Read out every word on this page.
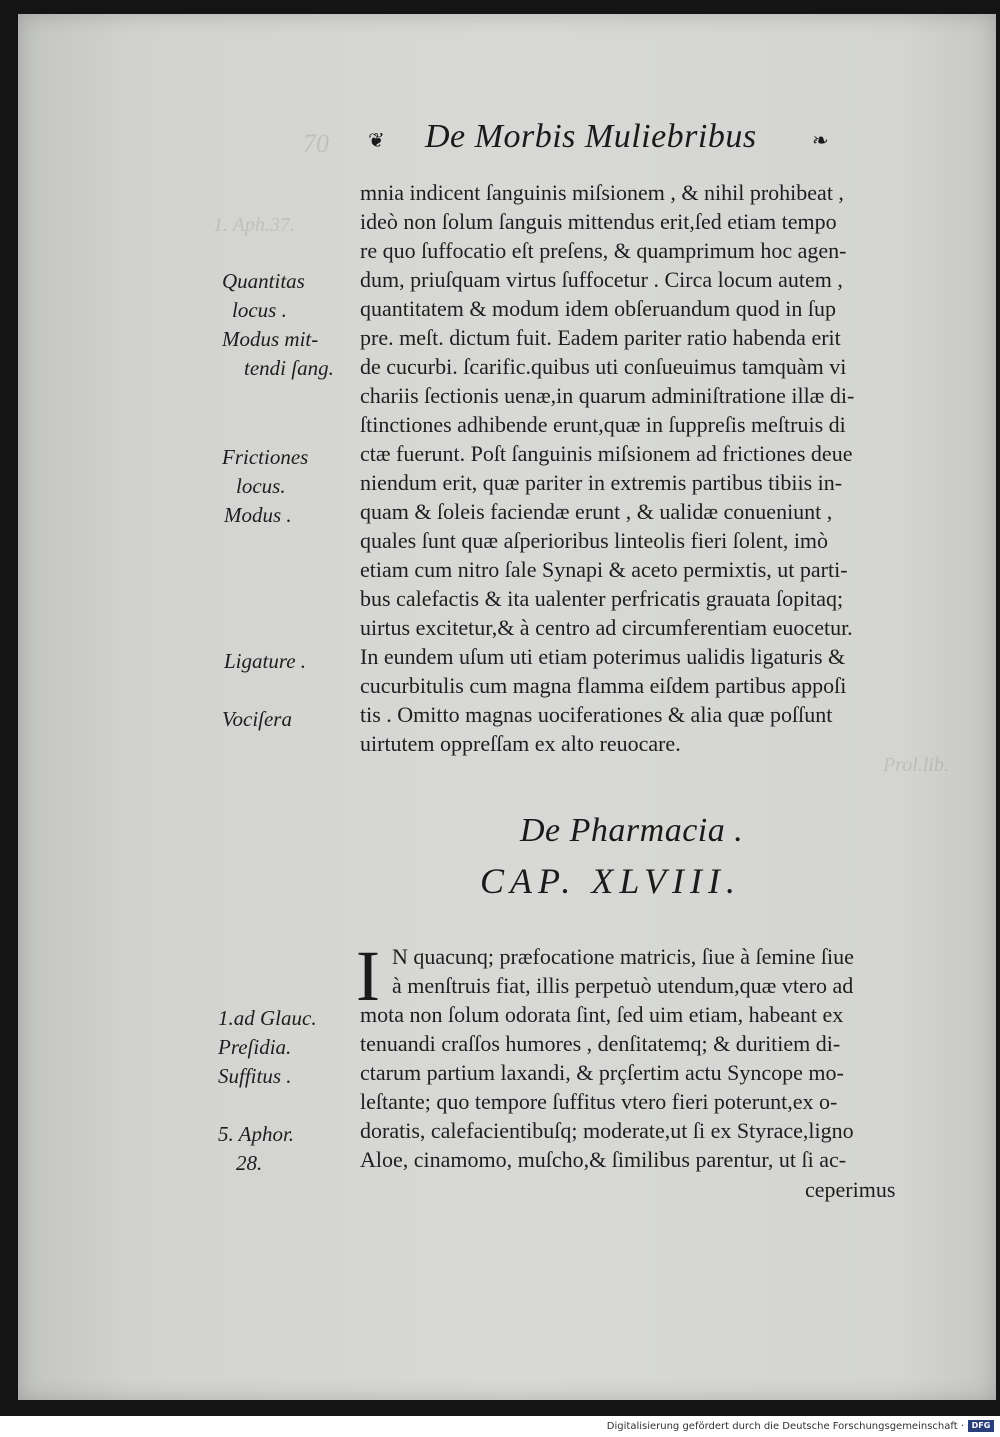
70
1. Aph.37.
Prol.lib.
❦ De Morbis Muliebribus	❧
mnia indicent ſanguinis miſsionem , & nihil prohibeat ,
ideò non ſolum ſanguis mittendus erit,ſed etiam tempo
re quo ſuffocatio eſt preſens, & quamprimum hoc agen-
dum, priuſquam virtus ſuffocetur . Circa locum autem ,
quantitatem & modum idem obſeruandum quod in ſup
pre. meſt. dictum fuit. Eadem pariter ratio habenda erit
de cucurbi. ſcarific.quibus uti conſueuimus tamquàm vi
chariis ſectionis uenæ,in quarum adminiſtratione illæ di-
ſtinctiones adhibende erunt,quæ in ſuppreſis meſtruis di
ctæ fuerunt. Poſt ſanguinis miſsionem ad frictiones deue
niendum erit, quæ pariter in extremis partibus tibiis in-
quam & ſoleis faciendæ erunt , & ualidæ conueniunt ,
quales ſunt quæ aſperioribus linteolis fieri ſolent, imò
etiam cum nitro ſale Synapi & aceto permixtis, ut parti-
bus calefactis & ita ualenter perfricatis grauata ſopitaq;
uirtus excitetur,& à centro ad circumferentiam euocetur.
In eundem uſum uti etiam poterimus ualidis ligaturis &
cucurbitulis cum magna flamma eiſdem partibus appoſi
tis . Omitto magnas uociferationes & alia quæ poſſunt
uirtutem oppreſſam ex alto reuocare.
Quantitas
locus .
Modus mit-
tendi ſang.
Frictiones
locus.
Modus .
Ligature .
Vociſera
De Pharmacia .
CAP. XLVIII.
I N quacunq; præfocatione matricis, ſiue à ſemine ſiue
à menſtruis fiat, illis perpetuò utendum,quæ vtero ad
mota non ſolum odorata ſint, ſed uim etiam, habeant ex
tenuandi craſſos humores , denſitatemq; & duritiem di-
ctarum partium laxandi, & prçſertim actu Syncope mo-
leſtante; quo tempore ſuffitus vtero fieri poterunt,ex o-
doratis, calefacientibuſq; moderate,ut ſi ex Styrace,ligno
Aloe, cinamomo, muſcho,& ſimilibus parentur, ut ſi ac-
ceperimus
1.ad Glauc.
Preſidia.
Suffitus .
5. Aphor.
28.
Digitalisierung gefördert durch die Deutsche Forschungsgemeinschaft · DFG
